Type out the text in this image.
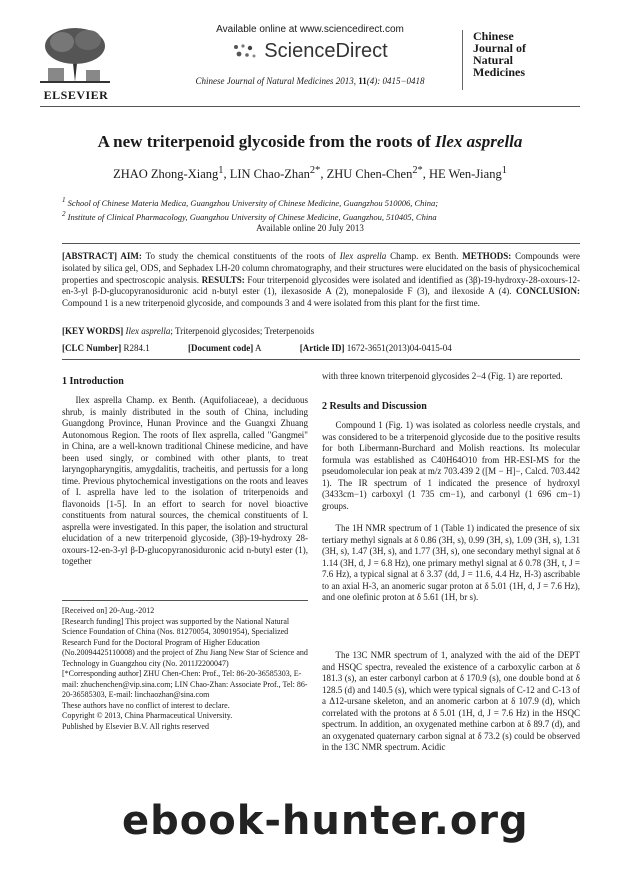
ELSEVIER
Available online at www.sciencedirect.com
ScienceDirect
Chinese Journal of Natural Medicines 2013, 11(4): 0415−0418
Chinese
Journal of
Natural
Medicines
A new triterpenoid glycoside from the roots of Ilex asprella
ZHAO Zhong-Xiang$^1$, LIN Chao-Zhan$^{2*}$, ZHU Chen-Chen$^{2*}$, HE Wen-Jiang$^1$
$^1$ School of Chinese Materia Medica, Guangzhou University of Chinese Medicine, Guangzhou 510006, China;
$^2$ Institute of Clinical Pharmacology, Guangzhou University of Chinese Medicine, Guangzhou, 510405, China
Available online 20 July 2013
[ABSTRACT] AIM: To study the chemical constituents of the roots of Ilex asprella Champ. ex Benth. METHODS: Compounds were isolated by silica gel, ODS, and Sephadex LH-20 column chromatography, and their structures were elucidated on the basis of physicochemical properties and spectroscopic analysis. RESULTS: Four triterpenoid glycosides were isolated and identified as (3β)-19-hydroxy-28-oxours-12-en-3-yl β-D-glucopyranosiduronic acid n-butyl ester (1), ilexasoside A (2), monepaloside F (3), and ilexoside A (4). CONCLUSION: Compound 1 is a new triterpenoid glycoside, and compounds 3 and 4 were isolated from this plant for the first time.
[KEY WORDS] Ilex asprella; Triterpenoid glycosides; Treterpenoids
[CLC Number] R284.1	[Document code] A	[Article ID] 1672-3651(2013)04-0415-04
1 Introduction
Ilex asprella Champ. ex Benth. (Aquifoliaceae), a deciduous shrub, is mainly distributed in the south of China, including Guangdong Province, Hunan Province and the Guangxi Zhuang Autonomous Region. The roots of Ilex asprella, called "Gangmei" in China, are a well-known traditional Chinese medicine, and have been used singly, or combined with other plants, to treat laryngopharyngitis, amygdalitis, tracheitis, and pertussis for a long time. Previous phytochemical investigations on the roots and leaves of I. asprella have led to the isolation of triterpenoids and flavonoids [1-5]. In an effort to search for novel bioactive constituents from natural sources, the chemical constituents of I. asprella were investigated. In this paper, the isolation and structural elucidation of a new triterpenoid glycoside, (3β)-19-hydroxy 28-oxours-12-en-3-yl β-D-glucopyranosiduronic acid n-butyl ester (1), together
[Received on] 20-Aug.-2012
[Research funding] This project was supported by the National Natural Science Foundation of China (Nos. 81270054, 30901954), Specialized Research Fund for the Doctoral Program of Higher Education (No.20094425110008) and the project of Zhu Jiang New Star of Science and Technology in Guangzhou city (No. 2011J2200047)
[*Corresponding author] ZHU Chen-Chen: Prof., Tel: 86-20-36585303, E-mail: zhuchenchen@vip.sina.com; LIN Chao-Zhan: Associate Prof., Tel: 86-20-36585303, E-mail: linchaozhan@sina.com
These authors have no conflict of interest to declare.
Copyright © 2013, China Pharmaceutical University.
Published by Elsevier B.V. All rights reserved
with three known triterpenoid glycosides 2−4 (Fig. 1) are reported.
2 Results and Discussion
Compound 1 (Fig. 1) was isolated as colorless needle crystals, and was considered to be a triterpenoid glycoside due to the positive results for both Libermann-Burchard and Molish reactions. Its molecular formula was established as C40H64O10 from HR-ESI-MS for the pseudomolecular ion peak at m/z 703.439 2 ([M − H]−, Calcd. 703.442 1). The IR spectrum of 1 indicated the presence of hydroxyl (3433cm−1) carboxyl (1 735 cm−1), and carbonyl (1 696 cm−1) groups.
The 1H NMR spectrum of 1 (Table 1) indicated the presence of six tertiary methyl signals at δ 0.86 (3H, s), 0.99 (3H, s), 1.09 (3H, s), 1.31 (3H, s), 1.47 (3H, s), and 1.77 (3H, s), one secondary methyl signal at δ 1.14 (3H, d, J = 6.8 Hz), one primary methyl signal at δ 0.78 (3H, t, J = 7.6 Hz), a typical signal at δ 3.37 (dd, J = 11.6, 4.4 Hz, H-3) ascribable to an axial H-3, an anomeric sugar proton at δ 5.01 (1H, d, J = 7.6 Hz), and one olefinic proton at δ 5.61 (1H, br s).
The 13C NMR spectrum of 1, analyzed with the aid of the DEPT and HSQC spectra, revealed the existence of a carboxylic carbon at δ 181.3 (s), an ester carbonyl carbon at δ 170.9 (s), one double bond at δ 128.5 (d) and 140.5 (s), which were typical signals of C-12 and C-13 of a Δ12-ursane skeleton, and an anomeric carbon at δ 107.9 (d), which correlated with the protons at δ 5.01 (1H, d, J = 7.6 Hz) in the HSQC spectrum. In addition, an oxygenated methine carbon at δ 89.7 (d), and an oxygenated quaternary carbon signal at δ 73.2 (s) could be observed in the 13C NMR spectrum. Acidic
ebook-hunter.org
